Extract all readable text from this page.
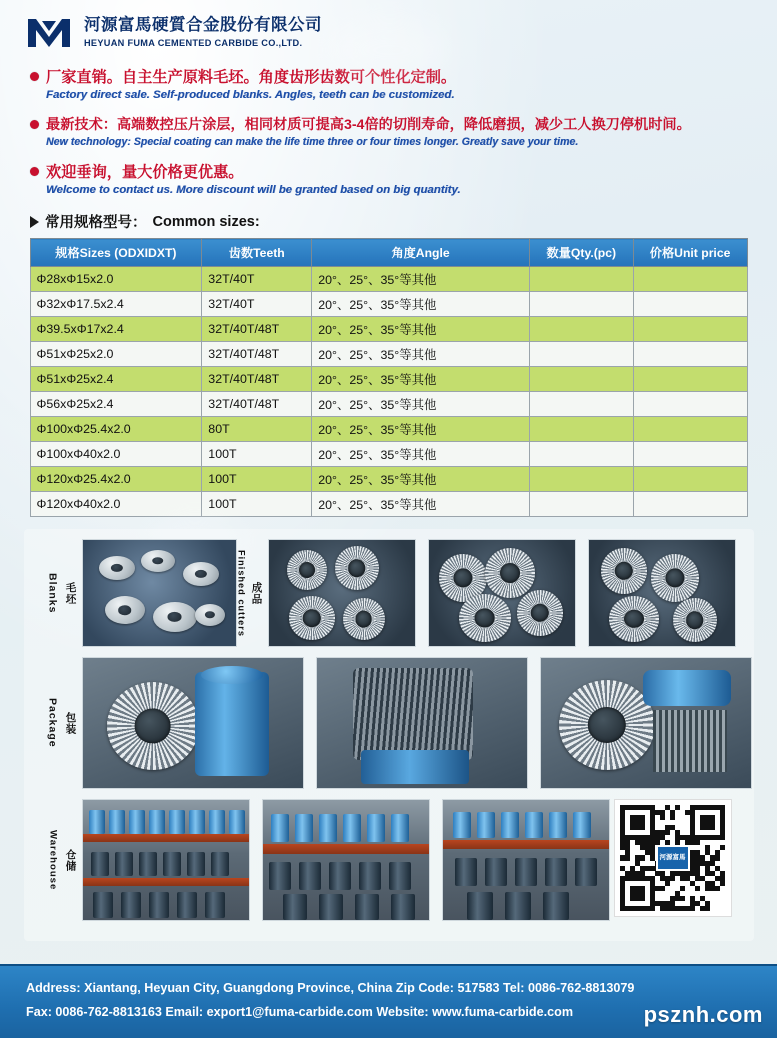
河源富馬硬質合金股份有限公司
HEYUAN FUMA CEMENTED CARBIDE CO.,LTD.
厂家直销。自主生产原料毛坯。角度齿形齿数可个性化定制。
Factory direct sale. Self-produced blanks. Angles, teeth can be customized.
最新技术：高端数控压片涂层，相同材质可提高3-4倍的切削寿命，降低磨损，减少工人换刀停机时间。
New technology: Special coating can make the life time three or four times longer. Greatly save your time.
欢迎垂询，量大价格更优惠。
Welcome to contact us. More discount will be granted based on big quantity.
常用规格型号： Common sizes:
规格Sizes (ODXIDXT)	齿数Teeth	角度Angle	数量Qty.(pc)	价格Unit price
Φ28xΦ15x2.0	32T/40T	20°、25°、35°等其他		
Φ32xΦ17.5x2.4	32T/40T	20°、25°、35°等其他		
Φ39.5xΦ17x2.4	32T/40T/48T	20°、25°、35°等其他		
Φ51xΦ25x2.0	32T/40T/48T	20°、25°、35°等其他		
Φ51xΦ25x2.4	32T/40T/48T	20°、25°、35°等其他		
Φ56xΦ25x2.4	32T/40T/48T	20°、25°、35°等其他		
Φ100xΦ25.4x2.0	80T	20°、25°、35°等其他		
Φ100xΦ40x2.0	100T	20°、25°、35°等其他		
Φ120xΦ25.4x2.0	100T	20°、25°、35°等其他		
Φ120xΦ40x2.0	100T	20°、25°、35°等其他		
Blanks 毛坯	Finished cutters 成品
Package 包装
Warehouse 仓储	河源富馬
Address: Xiantang, Heyuan City, Guangdong Province, China Zip Code: 517583 Tel: 0086-762-8813079
Fax: 0086-762-8813163 Email: export1@fuma-carbide.com Website: www.fuma-carbide.com	psznh.com
